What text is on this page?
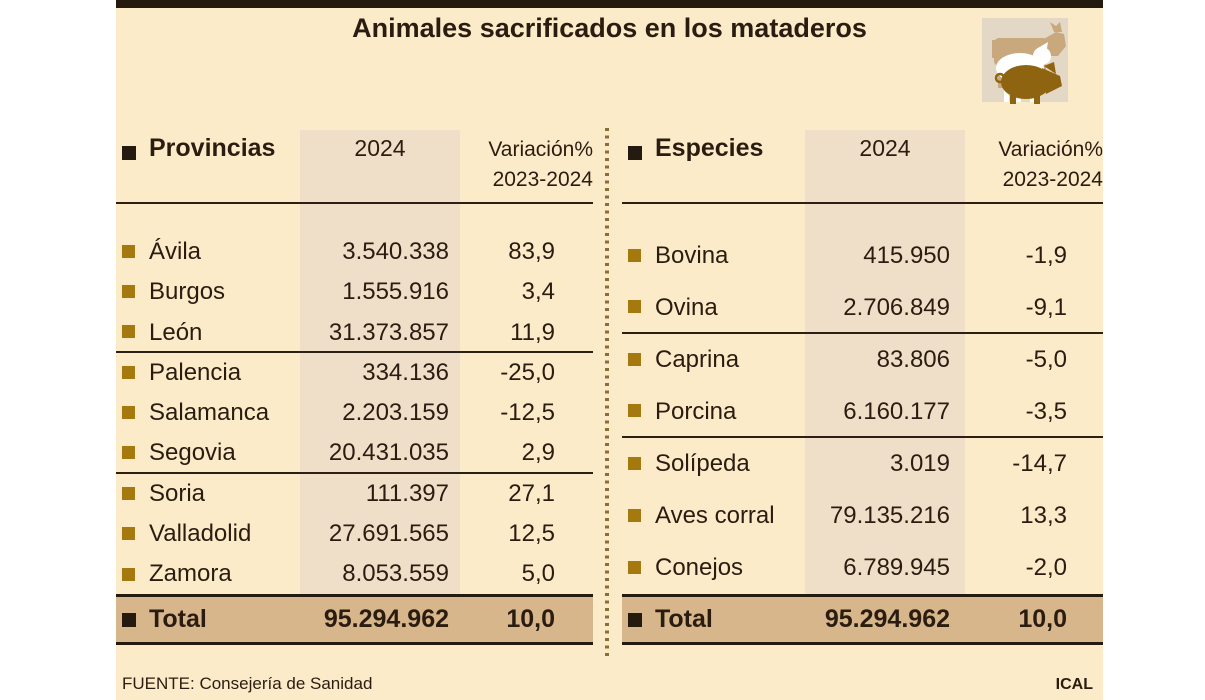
Animales sacrificados en los mataderos
Provincias	2024	Variación%
2023-2024
Ávila	3.540.338 83,9
Burgos	1.555.916	3,4
León	31.373.857	11,9
Palencia	334.136 -25,0
Salamanca	2.203.159 -12,5
Segovia	20.431.035	2,9
Soria	111.397 27,1
Valladolid	27.691.565 12,5
Zamora	8.053.559	5,0
Total	95.294.962 10,0
Especies	2024	Variación%
2023-2024
Bovina	415.950	-1,9
Ovina	2.706.849	-9,1
Caprina	83.806	-5,0
Porcina	6.160.177	-3,5
Solípeda	3.019	-14,7
Aves corral 79.135.216	13,3
Conejos	6.789.945	-2,0
Total	95.294.962	10,0
FUENTE: Consejería de Sanidad	ICAL
